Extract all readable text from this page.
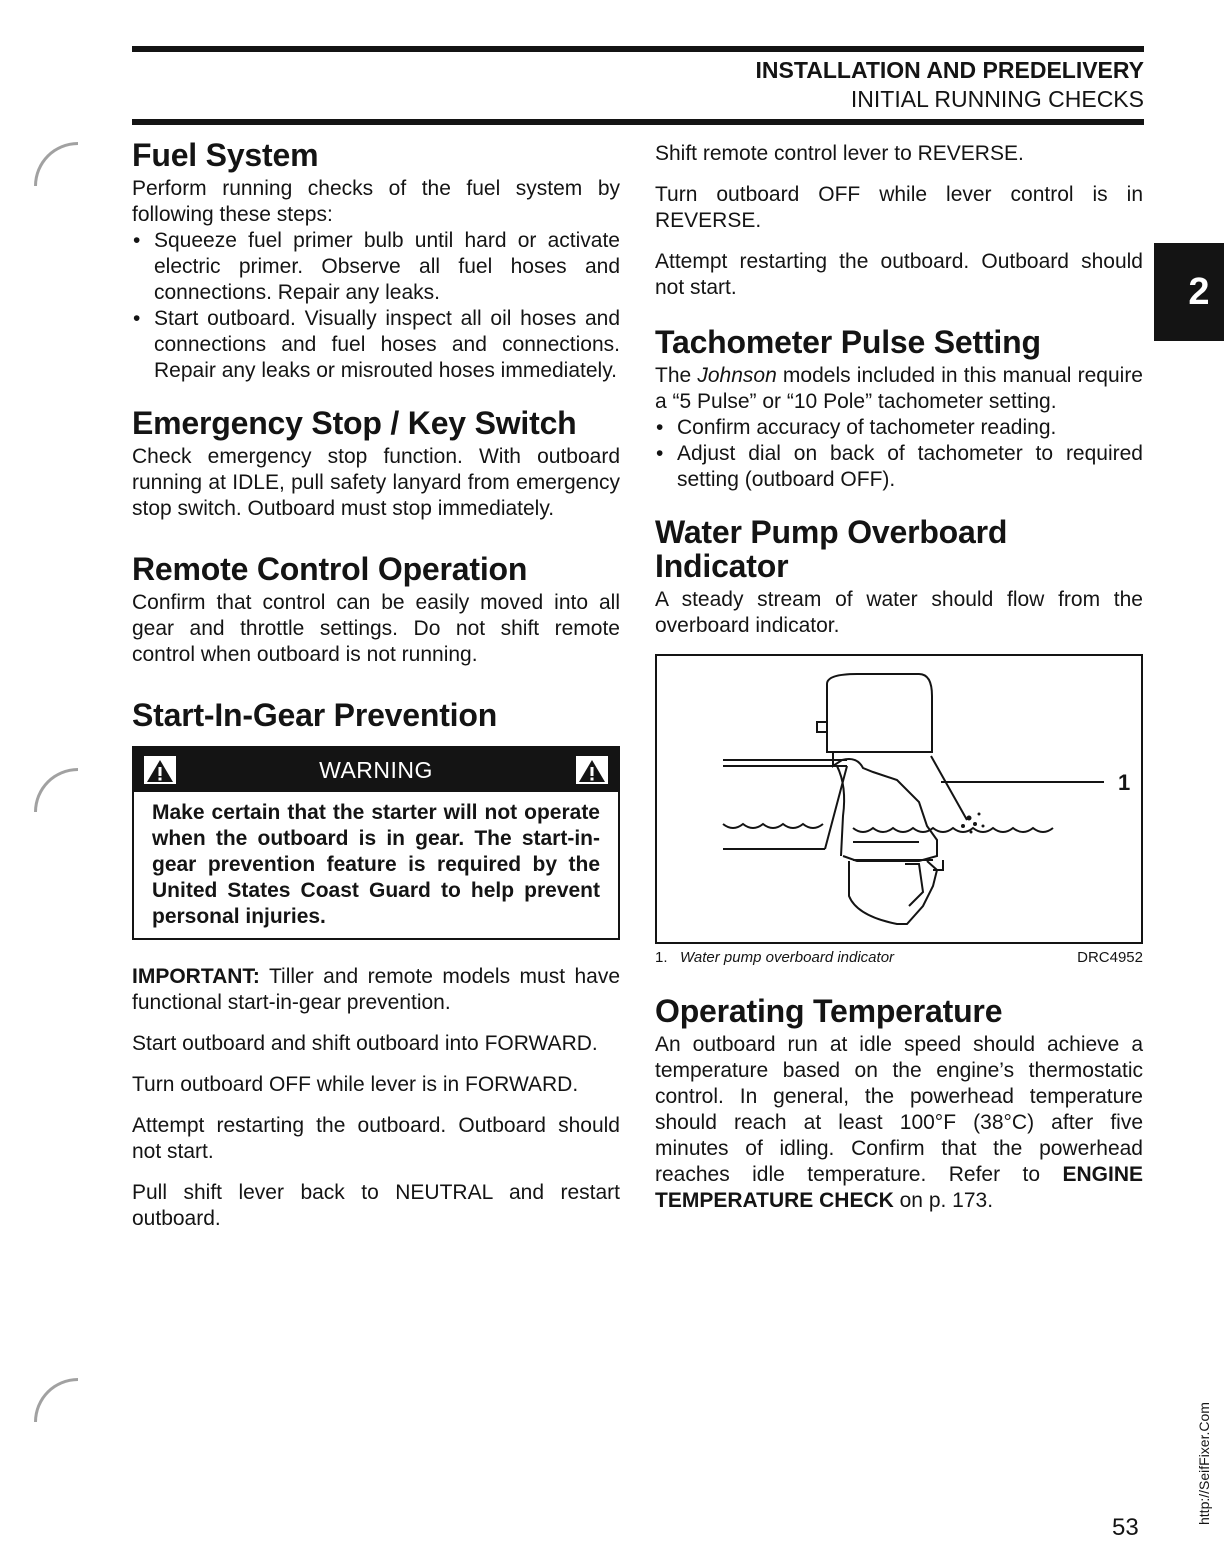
INSTALLATION AND PREDELIVERY
INITIAL RUNNING CHECKS
2
Fuel System

Perform running checks of the fuel system by following these steps:

• Squeeze fuel primer bulb until hard or activate electric primer. Observe all fuel hoses and connections. Repair any leaks.
• Start outboard. Visually inspect all oil hoses and connections and fuel hoses and connections. Repair any leaks or misrouted hoses immediately.
Emergency Stop / Key Switch

Check emergency stop function. With outboard running at IDLE, pull safety lanyard from emergency stop switch. Outboard must stop immediately.

Remote Control Operation

Confirm that control can be easily moved into all gear and throttle settings. Do not shift remote control when outboard is not running.

Start-In-Gear Prevention
WARNING
Make certain that the starter will not operate when the outboard is in gear. The start-in-gear prevention feature is required by the United States Coast Guard to help prevent personal injuries.

IMPORTANT: Tiller and remote models must have functional start-in-gear prevention.

Start outboard and shift outboard into FORWARD.

Turn outboard OFF while lever is in FORWARD.

Attempt restarting the outboard. Outboard should not start.

Pull shift lever back to NEUTRAL and restart outboard.

Shift remote control lever to REVERSE.

Turn outboard OFF while lever control is in REVERSE.

Attempt restarting the outboard. Outboard should not start.

Tachometer Pulse Setting

The Johnson models included in this manual require a “5 Pulse” or “10 Pole” tachometer setting.

• Confirm accuracy of tachometer reading.
• Adjust dial on back of tachometer to required setting (outboard OFF).
Water Pump Overboard Indicator

A steady stream of water should flow from the overboard indicator.

1
1. Water pump overboard indicator	DRC4952
Operating Temperature

An outboard run at idle speed should achieve a temperature based on the engine’s thermostatic control. In general, the powerhead temperature should reach at least 100°F (38°C) after five minutes of idling. Confirm that the powerhead reaches idle temperature. Refer to ENGINE TEMPERATURE CHECK on p. 173.

53
http://SeifFixer.Com
